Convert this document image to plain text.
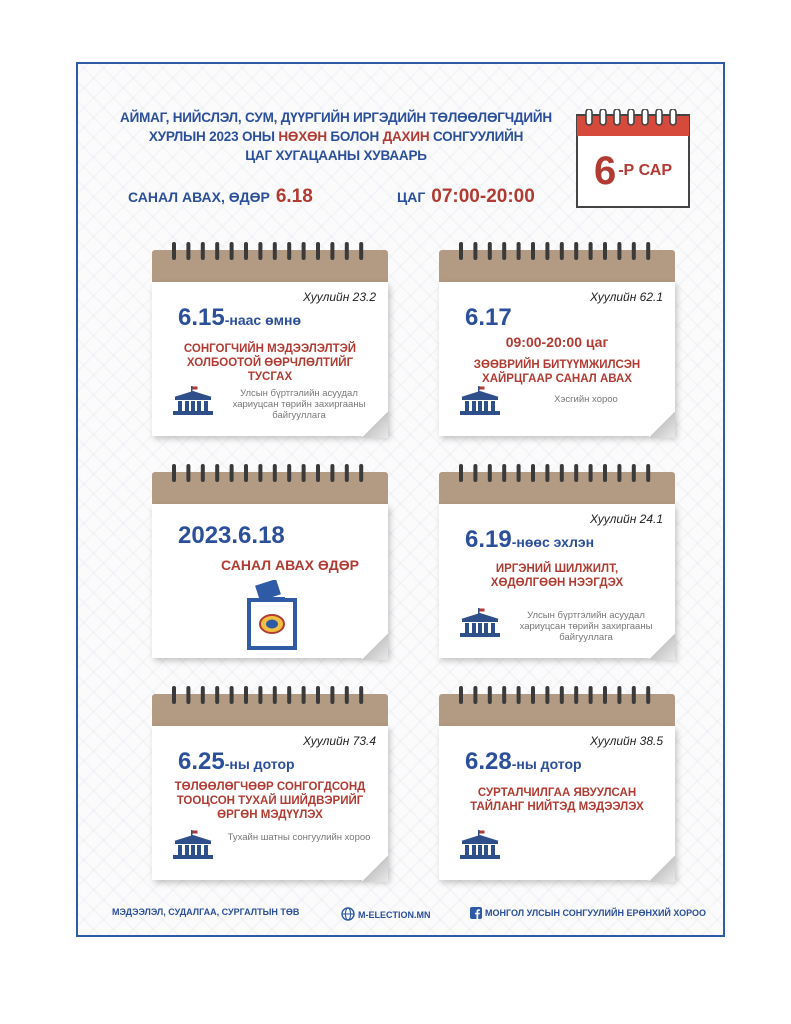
АЙМАГ, НИЙСЛЭЛ, СУМ, ДҮҮРГИЙН ИРГЭДИЙН ТӨЛӨӨЛӨГЧДИЙН
ХУРЛЫН 2023 ОНЫ НӨХӨН БОЛОН ДАХИН СОНГУУЛИЙН
ЦАГ ХУГАЦААНЫ ХУВААРЬ
САНАЛ АВАХ, ӨДӨР 6.18	ЦАГ 07:00-20:00
6 -Р САР
Хуулийн 23.2
6.15-наас өмнө
СОНГОГЧИЙН МЭДЭЭЛЭЛТЭЙ ХОЛБООТОЙ ӨӨРЧЛӨЛТИЙГ ТУСГАХ
Улсын бүртгэлийн асуудал хариуцсан төрийн захиргааны байгууллага
Хуулийн 62.1
6.17
09:00-20:00 цаг
ЗӨӨВРИЙН БИТҮҮМЖИЛСЭН ХАЙРЦГААР САНАЛ АВАХ
Хэсгийн хороо
2023.6.18
САНАЛ АВАХ ӨДӨР
Хуулийн 24.1
6.19-нөөс эхлэн
ИРГЭНИЙ ШИЛЖИЛТ, ХӨДӨЛГӨӨН НЭЭГДЭХ
Улсын бүртгэлийн асуудал хариуцсан төрийн захиргааны байгууллага
Хуулийн 73.4
6.25-ны дотор
ТӨЛӨӨЛӨГЧӨӨР СОНГОГДСОНД ТООЦСОН ТУХАЙ ШИЙДВЭРИЙГ ӨРГӨН МЭДҮҮЛЭХ
Тухайн шатны сонгуулийн хороо
Хуулийн 38.5
6.28-ны дотор
СУРТАЛЧИЛГАА ЯВУУЛСАН ТАЙЛАНГ НИЙТЭД МЭДЭЭЛЭХ
МЭДЭЭЛЭЛ, СУДАЛГАА, СУРГАЛТЫН ТӨВ	M-ELECTION.MN	МОНГОЛ УЛСЫН СОНГУУЛИЙН ЕРӨНХИЙ ХОРОО
